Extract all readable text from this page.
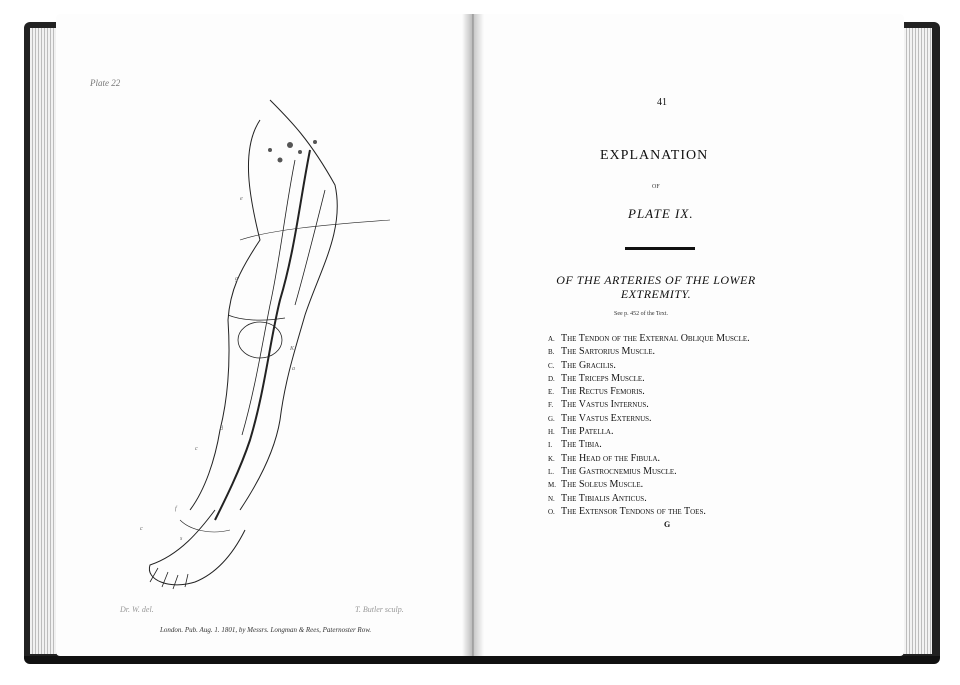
Plate 22
e
g
d
c
f
K
a
s
c
Dr. W. del.	T. Butler sculp.
London. Pub. Aug. 1. 1801, by Messrs. Longman & Rees, Paternoster Row.
41
EXPLANATION
OF
PLATE IX.
OF THE ARTERIES OF THE LOWER
EXTREMITY.
See p. 452 of the Text.
A. The Tendon of the External Oblique Muscle.
B. The Sartorius Muscle.
C. The Gracilis.
D. The Triceps Muscle.
E. The Rectus Femoris.
F. The Vastus Internus.
G. The Vastus Externus.
H. The Patella.
I. The Tibia.
K. The Head of the Fibula.
L. The Gastrocnemius Muscle.
M. The Soleus Muscle.
N. The Tibialis Anticus.
O. The Extensor Tendons of the Toes.
G
